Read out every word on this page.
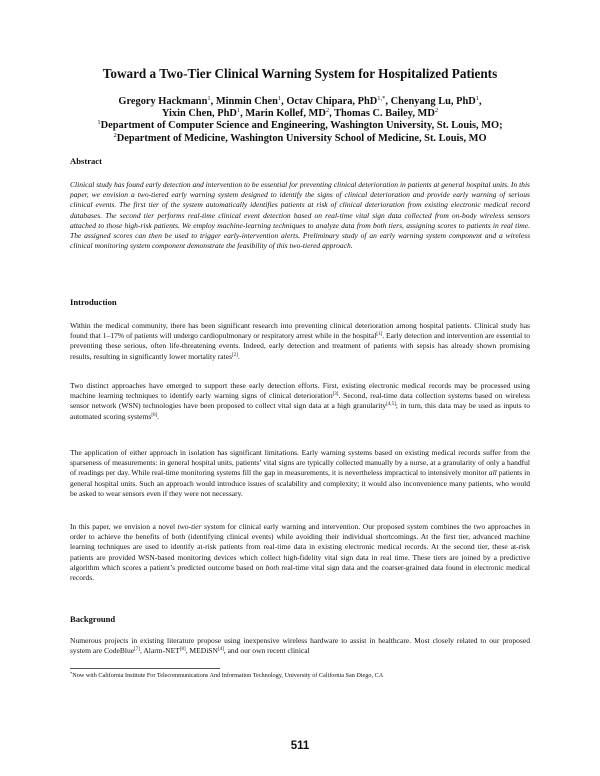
Toward a Two-Tier Clinical Warning System for Hospitalized Patients
Gregory Hackmann$^1$, Minmin Chen$^1$, Octav Chipara, PhD$^{1,*}$, Chenyang Lu, PhD$^1$,
Yixin Chen, PhD$^1$, Marin Kollef, $MD^2$, Thomas C. Bailey, $MD^2$
$^1$Department of Computer Science and Engineering, Washington University, St. Louis, MO;
$^2$Department of Medicine, Washington University School of Medicine, St. Louis, MO
Abstract

Clinical study has found early detection and intervention to be essential for preventing clinical deterioration in patients at general hospital units. In this paper, we envision a two-tiered early warning system designed to identify the signs of clinical deterioration and provide early warning of serious clinical events. The first tier of the system automatically identifies patients at risk of clinical deterioration from existing electronic medical record databases. The second tier performs real-time clinical event detection based on real-time vital sign data collected from on-body wireless sensors attached to those high-risk patients. We employ machine-learning techniques to analyze data from both tiers, assigning scores to patients in real time. The assigned scores can then be used to trigger early-intervention alerts. Preliminary study of an early warning system component and a wireless clinical monitoring system component demonstrate the feasibility of this two-tiered approach.

Introduction

Within the medical community, there has been significant research into preventing clinical deterioration among hospital patients. Clinical study has found that 1–17% of patients will undergo cardiopulmonary or respiratory arrest while in the hospital[1]. Early detection and intervention are essential to preventing these serious, often life-threatening events. Indeed, early detection and treatment of patients with sepsis has already shown promising results, resulting in significantly lower mortality rates[2].

Two distinct approaches have emerged to support these early detection efforts. First, existing electronic medical records may be processed using machine learning techniques to identify early warning signs of clinical deterioration[3]. Second, real-time data collection systems based on wireless sensor network (WSN) technologies have been proposed to collect vital sign data at a high granularity[4,5]; in turn, this data may be used as inputs to automated scoring systems[6].

The application of either approach in isolation has significant limitations. Early warning systems based on existing medical records suffer from the sparseness of measurements: in general hospital units, patients’ vital signs are typically collected manually by a nurse, at a granularity of only a handful of readings per day. While real-time monitoring systems fill the gap in measurements, it is nevertheless impractical to intensively monitor all patients in general hospital units. Such an approach would introduce issues of scalability and complexity; it would also inconvenience many patients, who would be asked to wear sensors even if they were not necessary.

In this paper, we envision a novel two-tier system for clinical early warning and intervention. Our proposed system combines the two approaches in order to achieve the benefits of both (identifying clinical events) while avoiding their individual shortcomings. At the first tier, advanced machine learning techniques are used to identify at-risk patients from real-time data in existing electronic medical records. At the second tier, these at-risk patients are provided WSN-based monitoring devices which collect high-fidelity vital sign data in real time. These tiers are joined by a predictive algorithm which scores a patient’s predicted outcome based on both real-time vital sign data and the coarser-grained data found in electronic medical records.

Background

Numerous projects in existing literature propose using inexpensive wireless hardware to assist in healthcare. Most closely related to our proposed system are CodeBlue[7], Alarm-NET[8], MEDiSN[4], and our own recent clinical

*Now with California Institute For Telecommunications And Information Technology, University of California San Diego, CA
511
